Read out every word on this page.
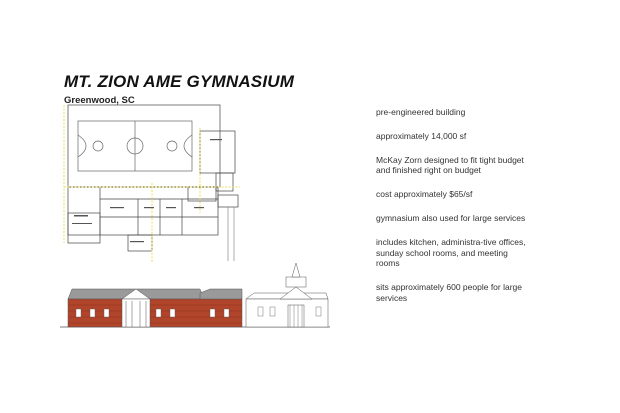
MT. ZION AME GYMNASIUM
Greenwood, SC

pre-engineered building

approximately 14,000 sf

McKay Zorn designed to fit tight budget and finished right on budget

cost approximately $65/sf

gymnasium also used for large services

includes kitchen, administra-tive offices, sunday school rooms, and meeting rooms

sits approximately 600 people for large services
